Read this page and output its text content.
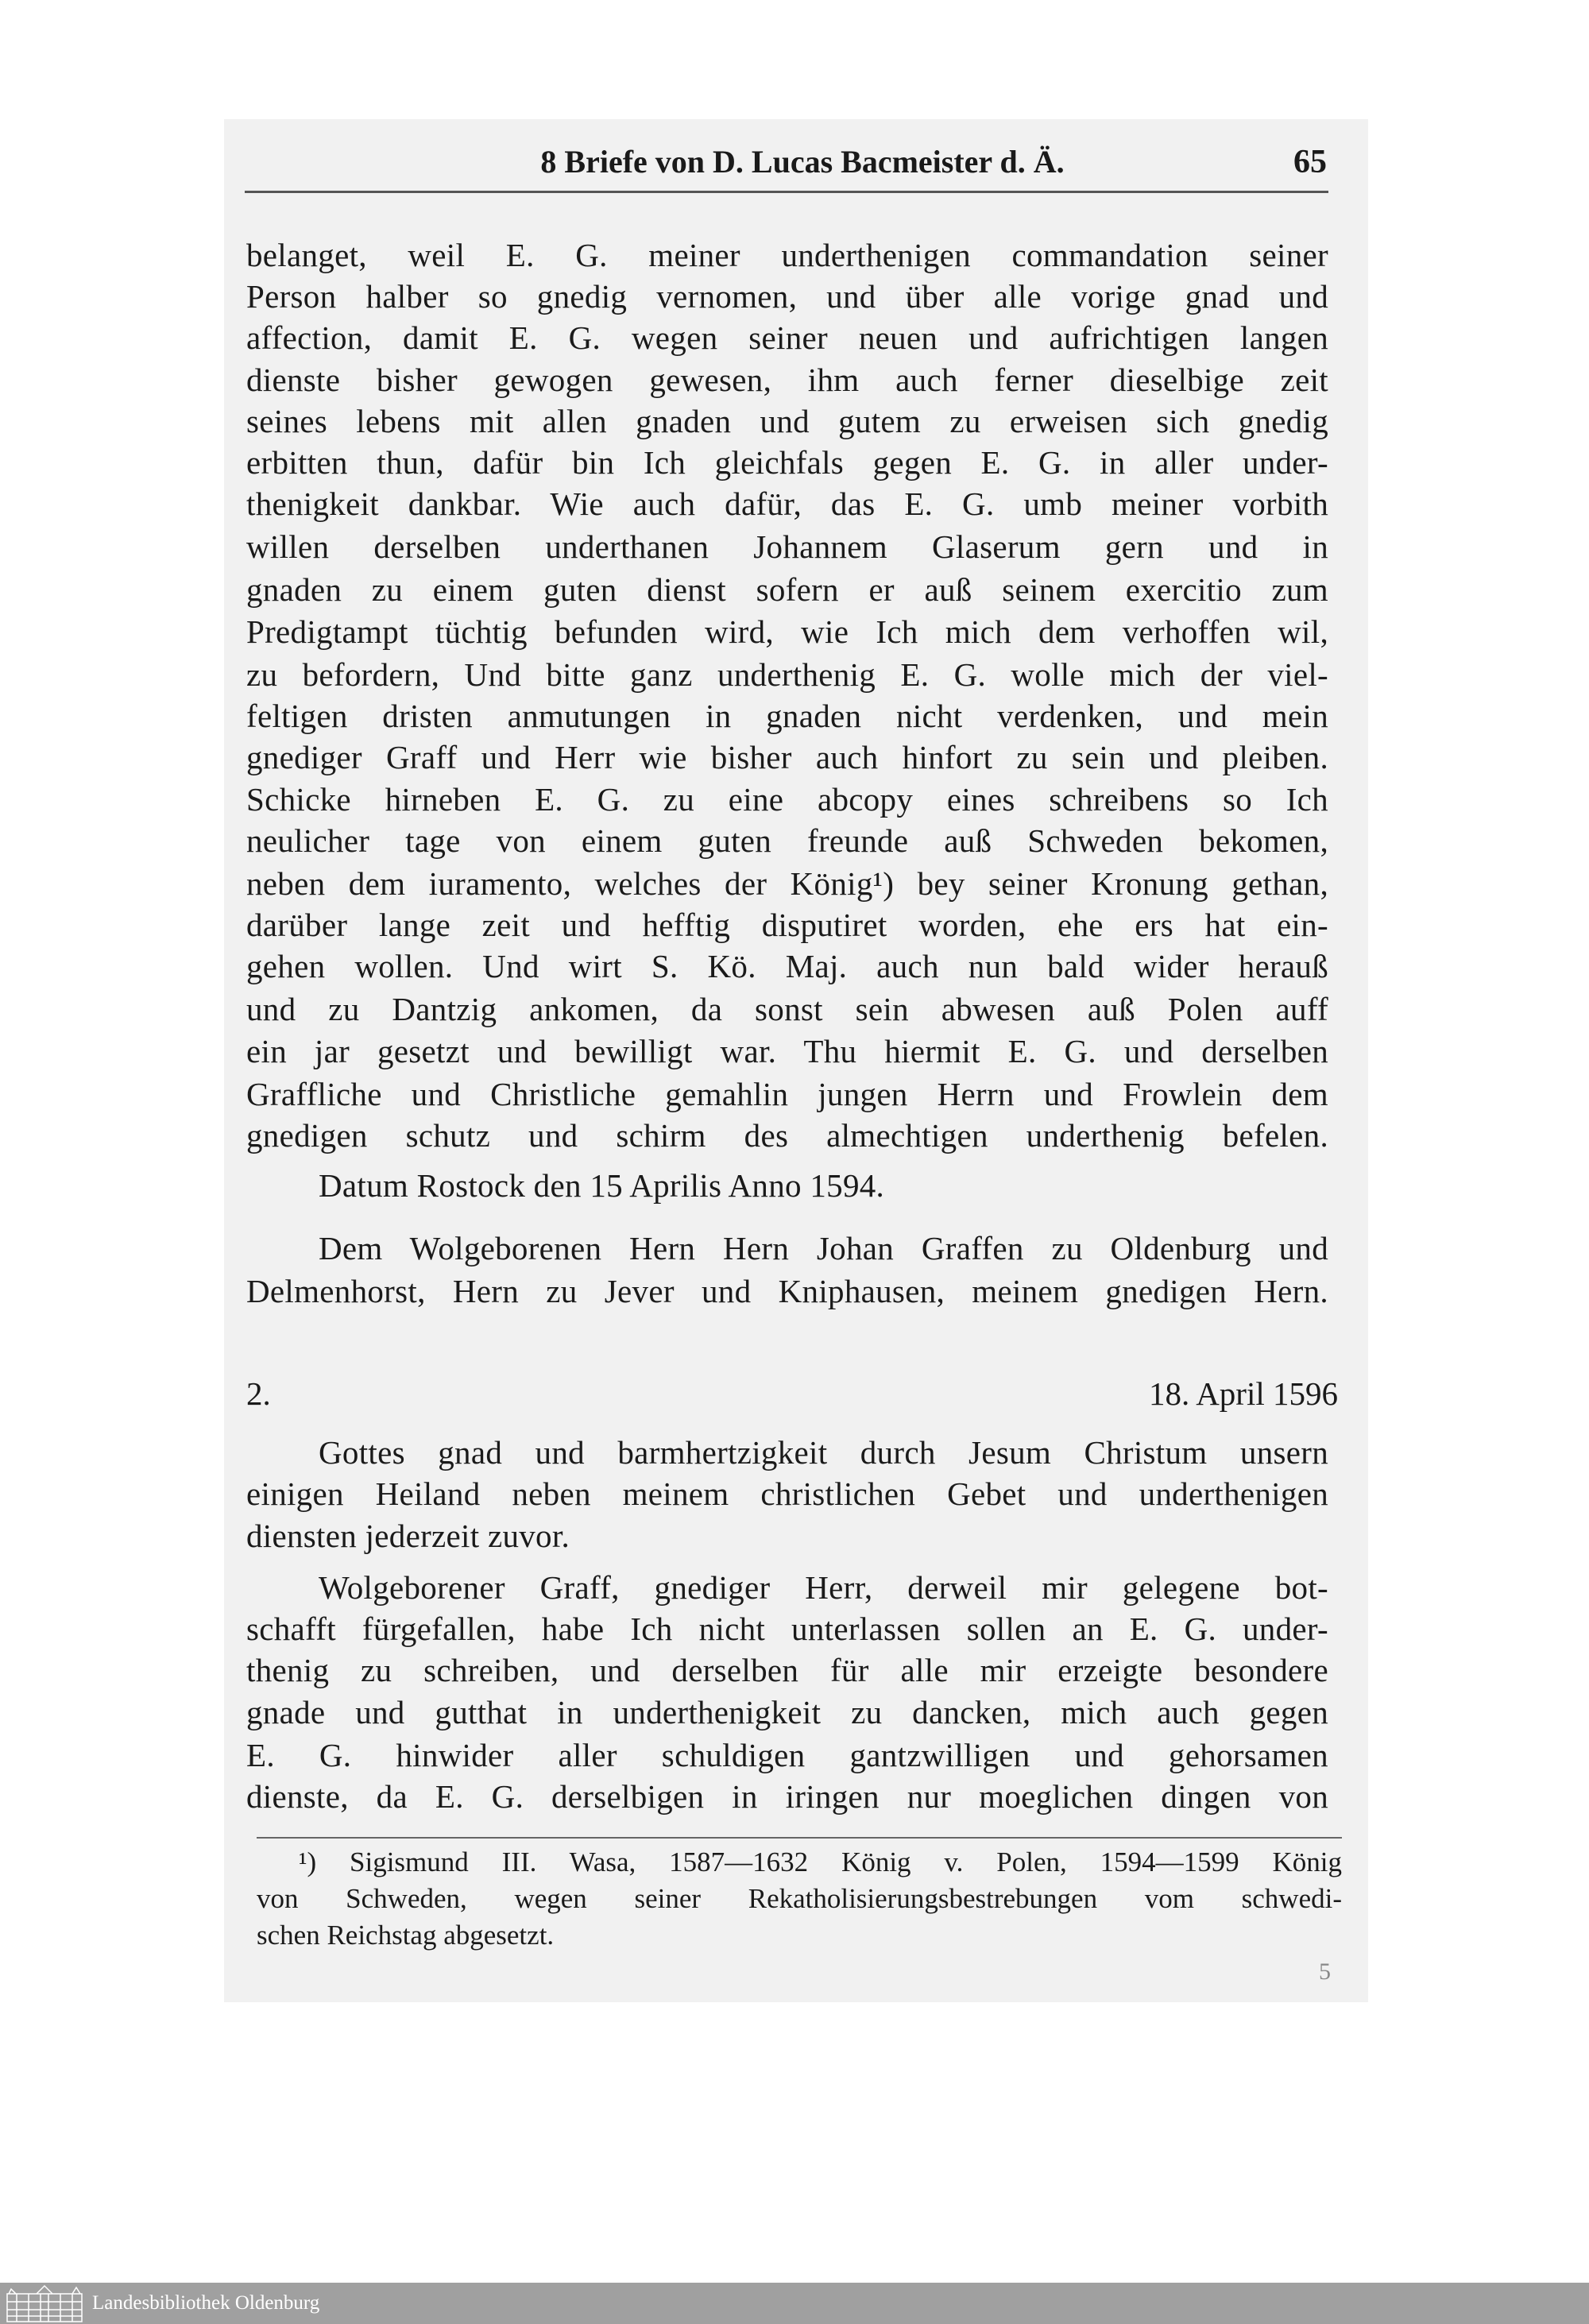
8 Briefe von D. Lucas Bacmeister d. Ä.	65
belanget, weil E. G. meiner underthenigen commandation seiner
Person halber so gnedig vernomen, und über alle vorige gnad und
affection, damit E. G. wegen seiner neuen und aufrichtigen langen
dienste bisher gewogen gewesen, ihm auch ferner dieselbige zeit
seines lebens mit allen gnaden und gutem zu erweisen sich gnedig
erbitten thun, dafür bin Ich gleichfals gegen E. G. in aller under-
thenigkeit dankbar. Wie auch dafür, das E. G. umb meiner vorbith
willen derselben underthanen Johannem Glaserum gern und in
gnaden zu einem guten dienst sofern er auß seinem exercitio zum
Predigtampt tüchtig befunden wird, wie Ich mich dem verhoffen wil,
zu befordern, Und bitte ganz underthenig E. G. wolle mich der viel-
feltigen dristen anmutungen in gnaden nicht verdenken, und mein
gnediger Graff und Herr wie bisher auch hinfort zu sein und pleiben.
Schicke hirneben E. G. zu eine abcopy eines schreibens so Ich
neulicher tage von einem guten freunde auß Schweden bekomen,
neben dem iuramento, welches der König¹) bey seiner Kronung gethan,
darüber lange zeit und hefftig disputiret worden, ehe ers hat ein-
gehen wollen. Und wirt S. Kö. Maj. auch nun bald wider herauß
und zu Dantzig ankomen, da sonst sein abwesen auß Polen auff
ein jar gesetzt und bewilligt war. Thu hiermit E. G. und derselben
Graffliche und Christliche gemahlin jungen Herrn und Frowlein dem
gnedigen schutz und schirm des almechtigen underthenig befelen.
Datum Rostock den 15 Aprilis Anno 1594.
Dem Wolgeborenen Hern Hern Johan Graffen zu Oldenburg und
Delmenhorst, Hern zu Jever und Kniphausen, meinem gnedigen Hern.
Gottes gnad und barmhertzigkeit durch Jesum Christum unsern
einigen Heiland neben meinem christlichen Gebet und underthenigen
diensten jederzeit zuvor.
Wolgeborener Graff, gnediger Herr, derweil mir gelegene bot-
schafft fürgefallen, habe Ich nicht unterlassen sollen an E. G. under-
thenig zu schreiben, und derselben für alle mir erzeigte besondere
gnade und gutthat in underthenigkeit zu dancken, mich auch gegen
E. G. hinwider aller schuldigen gantzwilligen und gehorsamen
dienste, da E. G. derselbigen in iringen nur moeglichen dingen von
2.	18. April 1596
¹) Sigismund III. Wasa, 1587—1632 König v. Polen, 1594—1599 König
von Schweden, wegen seiner Rekatholisierungsbestrebungen vom schwedi-
schen Reichstag abgesetzt.
5
Landesbibliothek Oldenburg
